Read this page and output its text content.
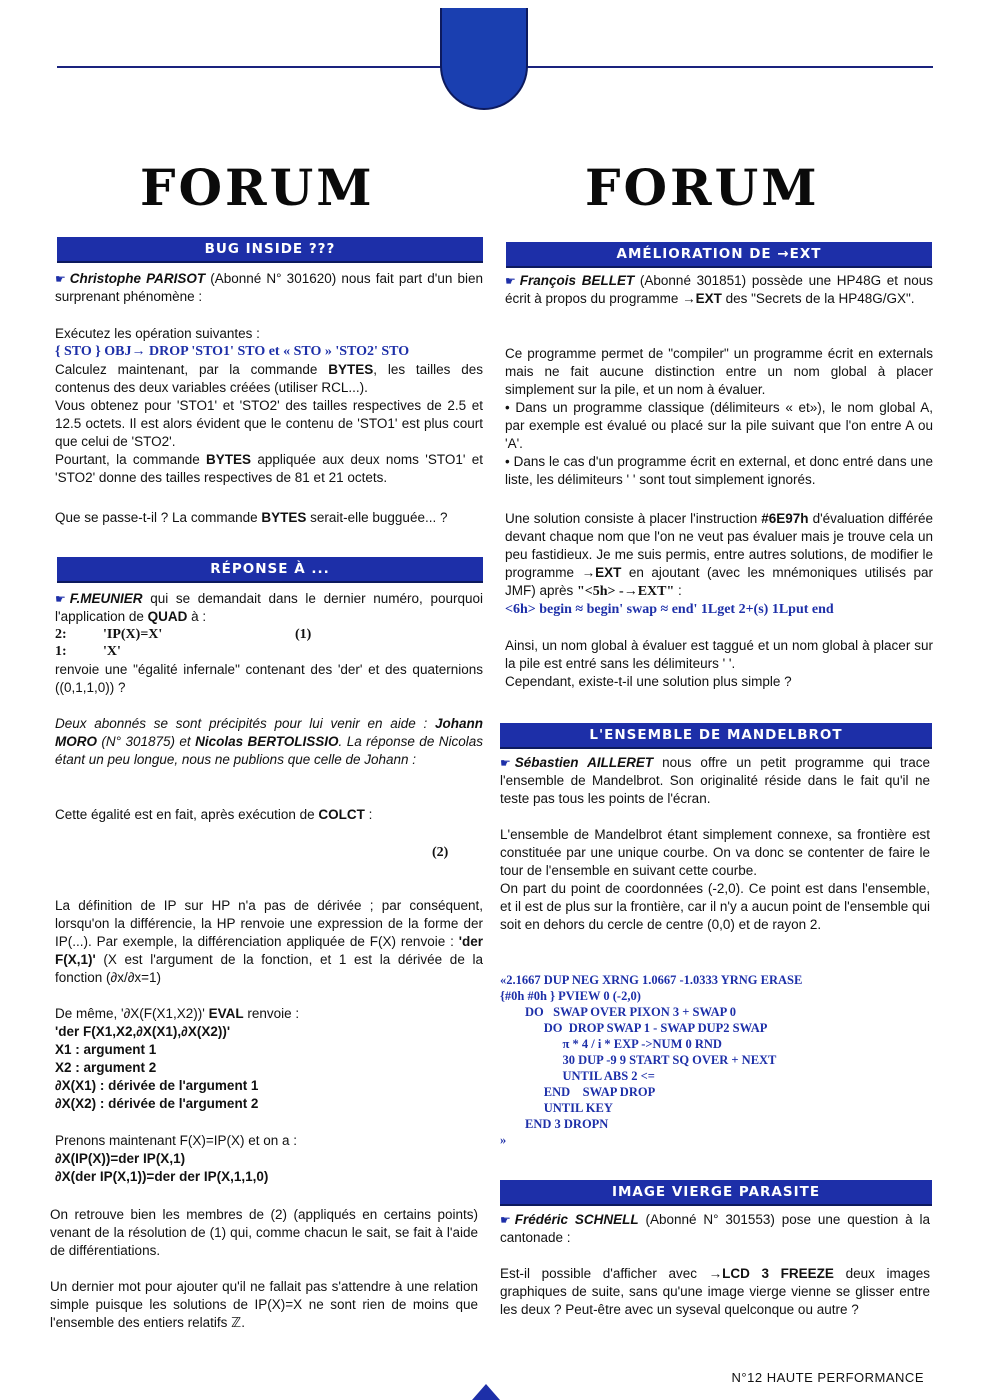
FORUM	FORUM
BUG INSIDE ???
☛ Christophe PARISOT (Abonné N° 301620) nous fait part d'un bien surprenant phénomène :
Exécutez les opération suivantes :
{ STO } OBJ→ DROP 'STO1' STO et « STO » 'STO2' STO
Calculez maintenant, par la commande BYTES, les tailles des contenus des deux variables créées (utiliser RCL...).
Vous obtenez pour 'STO1' et 'STO2' des tailles respectives de 2.5 et 12.5 octets. Il est alors évident que le contenu de 'STO1' est plus court que celui de 'STO2'.
Pourtant, la commande BYTES appliquée aux deux noms 'STO1' et 'STO2' donne des tailles respectives de 81 et 21 octets.
Que se passe-t-il ? La commande BYTES serait-elle bugguée... ?
RÉPONSE À ...
☛ F.MEUNIER qui se demandait dans le dernier numéro, pourquoi l'application de QUAD à :
2:	'IP(X)=X'	(1)
1:	'X'
renvoie une "égalité infernale" contenant des 'der' et des quaternions ((0,1,1,0)) ?
Deux abonnés se sont précipités pour lui venir en aide : Johann MORO (N° 301875) et Nicolas BERTOLISSIO. La réponse de Nicolas étant un peu longue, nous ne publions que celle de Johann :
Cette égalité est en fait, après exécution de COLCT :
(2)
La définition de IP sur HP n'a pas de dérivée ; par conséquent, lorsqu'on la différencie, la HP renvoie une expression de la forme der IP(...). Par exemple, la différenciation appliquée de F(X) renvoie : 'der F(X,1)' (X est l'argument de la fonction, et 1 est la dérivée de la fonction (∂x/∂x=1)
De même, '∂X(F(X1,X2))' EVAL renvoie :
'der F(X1,X2,∂X(X1),∂X(X2))'
X1 : argument 1
X2 : argument 2
∂X(X1) : dérivée de l'argument 1
∂X(X2) : dérivée de l'argument 2
Prenons maintenant F(X)=IP(X) et on a :
∂X(IP(X))=der IP(X,1)
∂X(der IP(X,1))=der der IP(X,1,1,0)
On retrouve bien les membres de (2) (appliqués en certains points) venant de la résolution de (1) qui, comme chacun le sait, se fait à l'aide de différentiations.
Un dernier mot pour ajouter qu'il ne fallait pas s'attendre à une relation simple puisque les solutions de IP(X)=X ne sont rien de moins que l'ensemble des entiers relatifs ℤ.
AMÉLIORATION DE →EXT
☛ François BELLET (Abonné 301851) possède une HP48G et nous écrit à propos du programme →EXT des "Secrets de la HP48G/GX".
Ce programme permet de "compiler" un programme écrit en externals mais ne fait aucune distinction entre un nom global à placer simplement sur la pile, et un nom à évaluer.
• Dans un programme classique (délimiteurs « et»), le nom global A, par exemple est évalué ou placé sur la pile suivant que l'on entre A ou 'A'.
• Dans le cas d'un programme écrit en external, et donc entré dans une liste, les délimiteurs ' ' sont tout simplement ignorés.
Une solution consiste à placer l'instruction #6E97h d'évaluation différée devant chaque nom que l'on ne veut pas évaluer mais je trouve cela un peu fastidieux. Je me suis permis, entre autres solutions, de modifier le programme →EXT en ajoutant (avec les mnémoniques utilisés par JMF) après "<5h> -→EXT" :
<6h> begin ≈ begin' swap ≈ end' 1Lget 2+(s) 1Lput end
Ainsi, un nom global à évaluer est taggué et un nom global à placer sur la pile est entré sans les délimiteurs ' '.
Cependant, existe-t-il une solution plus simple ?
L'ENSEMBLE DE MANDELBROT
☛ Sébastien AILLERET nous offre un petit programme qui trace l'ensemble de Mandelbrot. Son originalité réside dans le fait qu'il ne teste pas tous les points de l'écran.
L'ensemble de Mandelbrot étant simplement connexe, sa frontière est constituée par une unique courbe. On va donc se contenter de faire le tour de l'ensemble en suivant cette courbe.
On part du point de coordonnées (-2,0). Ce point est dans l'ensemble, et il est de plus sur la frontière, car il n'y a aucun point de l'ensemble qui soit en dehors du cercle de centre (0,0) et de rayon 2.
«2.1667 DUP NEG XRNG 1.0667 -1.0333 YRNG ERASE
{#0h #0h } PVIEW 0 (-2,0)
DO   SWAP OVER PIXON 3 + SWAP 0
DO  DROP SWAP 1 - SWAP DUP2 SWAP
π * 4 / i * EXP ->NUM 0 RND
30 DUP -9 9 START SQ OVER + NEXT
UNTIL ABS 2 <=
END    SWAP DROP
UNTIL KEY
END 3 DROPN
»
IMAGE VIERGE PARASITE
☛ Frédéric SCHNELL (Abonné N° 301553) pose une question à la cantonade :
Est-il possible d'afficher avec →LCD 3 FREEZE deux images graphiques de suite, sans qu'une image vierge vienne se glisser entre les deux ? Peut-être avec un syseval quelconque ou autre ?
N°12 HAUTE PERFORMANCE
